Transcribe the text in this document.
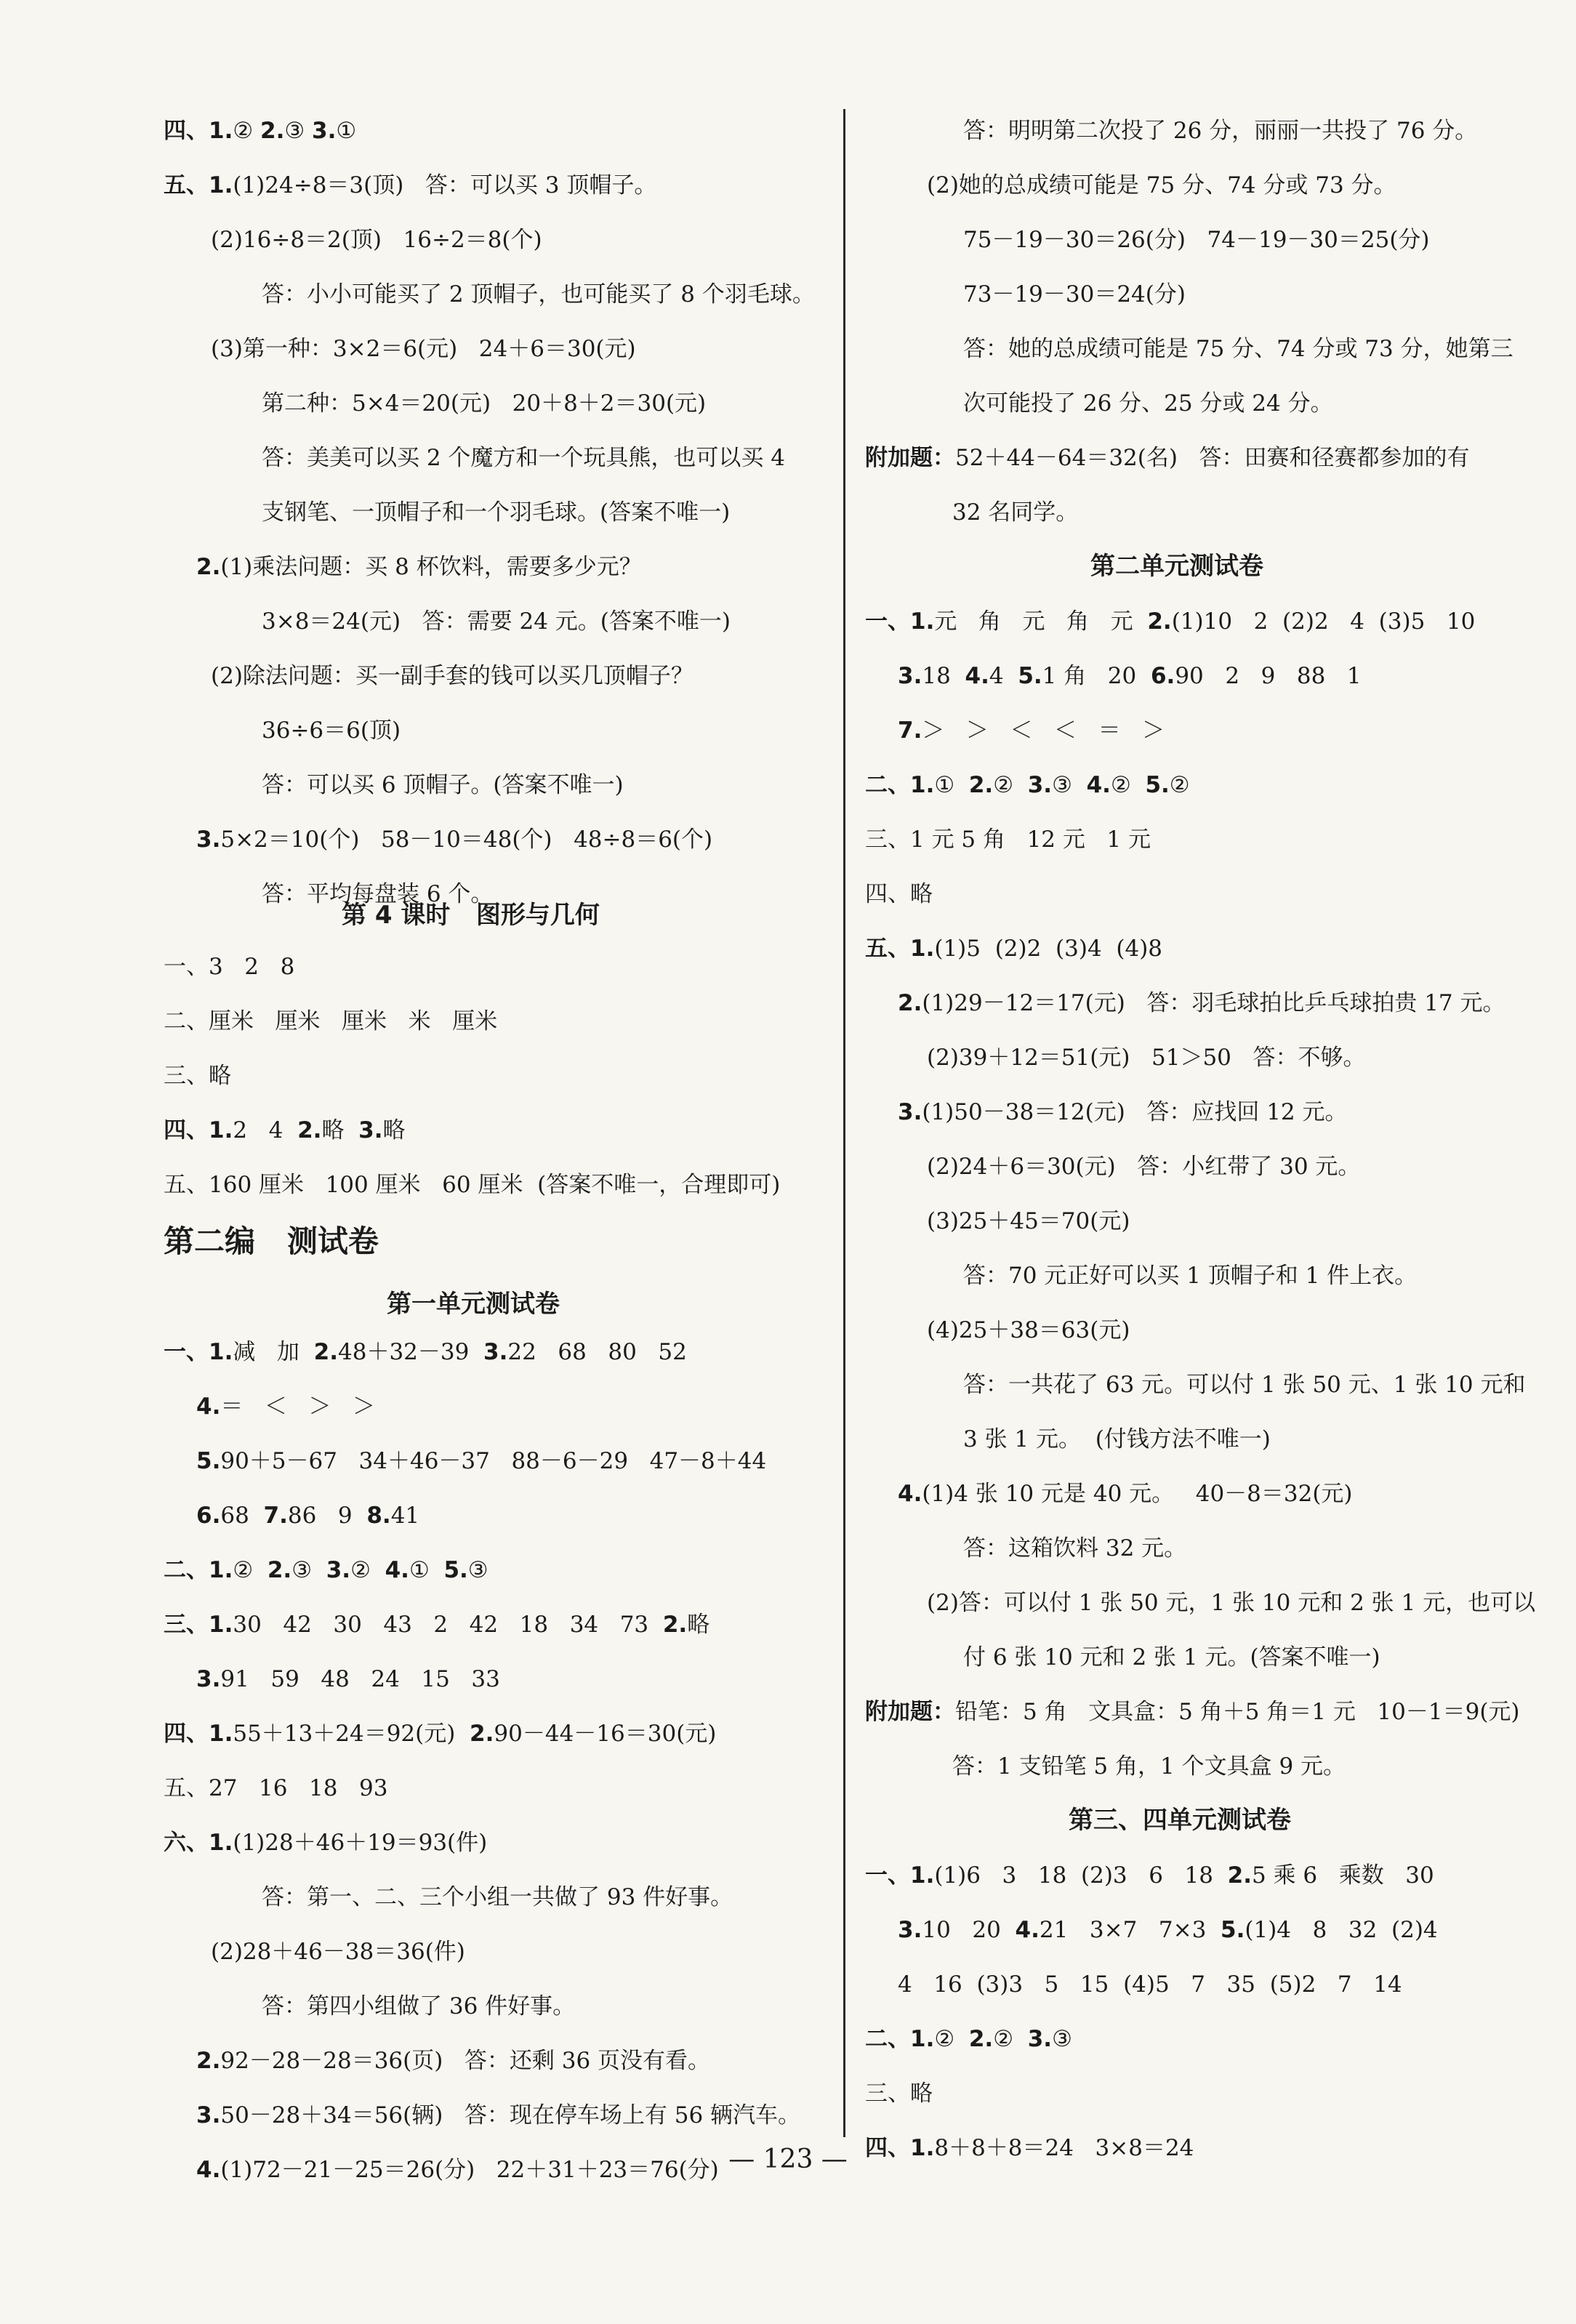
四、1.② 2.③ 3.①
五、1.(1)24÷8＝3(顶)   答：可以买 3 顶帽子。
(2)16÷8＝2(顶)   16÷2＝8(个)
答：小小可能买了 2 顶帽子，也可能买了 8 个羽毛球。
(3)第一种：3×2＝6(元)   24＋6＝30(元)
第二种：5×4＝20(元)   20＋8＋2＝30(元)
答：美美可以买 2 个魔方和一个玩具熊，也可以买 4
支钢笔、一顶帽子和一个羽毛球。(答案不唯一)
2.(1)乘法问题：买 8 杯饮料，需要多少元？
3×8＝24(元)   答：需要 24 元。(答案不唯一)
(2)除法问题：买一副手套的钱可以买几顶帽子？
36÷6＝6(顶)
答：可以买 6 顶帽子。(答案不唯一)
3.5×2＝10(个)   58－10＝48(个)   48÷8＝6(个)
答：平均每盘装 6 个。
第 4 课时   图形与几何
一、3   2   8
二、厘米   厘米   厘米   米   厘米
三、略
四、1.2   4  2.略  3.略
五、160 厘米   100 厘米   60 厘米  (答案不唯一，合理即可)
第二编   测试卷
第一单元测试卷
一、1.减   加  2.48＋32－39  3.22   68   80   52
4.＝   ＜   ＞   ＞
5.90＋5－67   34＋46－37   88－6－29   47－8＋44
6.68  7.86   9  8.41
二、1.②  2.③  3.②  4.①  5.③
三、1.30   42   30   43   2   42   18   34   73  2.略
3.91   59   48   24   15   33
四、1.55＋13＋24＝92(元)  2.90－44－16＝30(元)
五、27   16   18   93
六、1.(1)28＋46＋19＝93(件)
答：第一、二、三个小组一共做了 93 件好事。
(2)28＋46－38＝36(件)
答：第四小组做了 36 件好事。
2.92－28－28＝36(页)   答：还剩 36 页没有看。
3.50－28＋34＝56(辆)   答：现在停车场上有 56 辆汽车。
4.(1)72－21－25＝26(分)   22＋31＋23＝76(分)
答：明明第二次投了 26 分，丽丽一共投了 76 分。
(2)她的总成绩可能是 75 分、74 分或 73 分。
75－19－30＝26(分)   74－19－30＝25(分)
73－19－30＝24(分)
答：她的总成绩可能是 75 分、74 分或 73 分，她第三
次可能投了 26 分、25 分或 24 分。
附加题：52＋44－64＝32(名)   答：田赛和径赛都参加的有
32 名同学。
第二单元测试卷
一、1.元   角   元   角   元  2.(1)10   2  (2)2   4  (3)5   10
3.18  4.4  5.1 角   20  6.90   2   9   88   1
7.＞   ＞   ＜   ＜   ＝   ＞
二、1.①  2.②  3.③  4.②  5.②
三、1 元 5 角   12 元   1 元
四、略
五、1.(1)5  (2)2  (3)4  (4)8
2.(1)29－12＝17(元)   答：羽毛球拍比乒乓球拍贵 17 元。
(2)39＋12＝51(元)   51＞50   答：不够。
3.(1)50－38＝12(元)   答：应找回 12 元。
(2)24＋6＝30(元)   答：小红带了 30 元。
(3)25＋45＝70(元)
答：70 元正好可以买 1 顶帽子和 1 件上衣。
(4)25＋38＝63(元)
答：一共花了 63 元。可以付 1 张 50 元、1 张 10 元和
3 张 1 元。  (付钱方法不唯一)
4.(1)4 张 10 元是 40 元。   40－8＝32(元)
答：这箱饮料 32 元。
(2)答：可以付 1 张 50 元，1 张 10 元和 2 张 1 元，也可以
付 6 张 10 元和 2 张 1 元。(答案不唯一)
附加题：铅笔：5 角   文具盒：5 角＋5 角＝1 元   10－1＝9(元)
答：1 支铅笔 5 角，1 个文具盒 9 元。
第三、四单元测试卷
一、1.(1)6   3   18  (2)3   6   18  2.5 乘 6   乘数   30
3.10   20  4.21   3×7   7×3  5.(1)4   8   32  (2)4
4   16  (3)3   5   15  (4)5   7   35  (5)2   7   14
二、1.②  2.②  3.③
三、略
四、1.8＋8＋8＝24   3×8＝24
— 123 —
